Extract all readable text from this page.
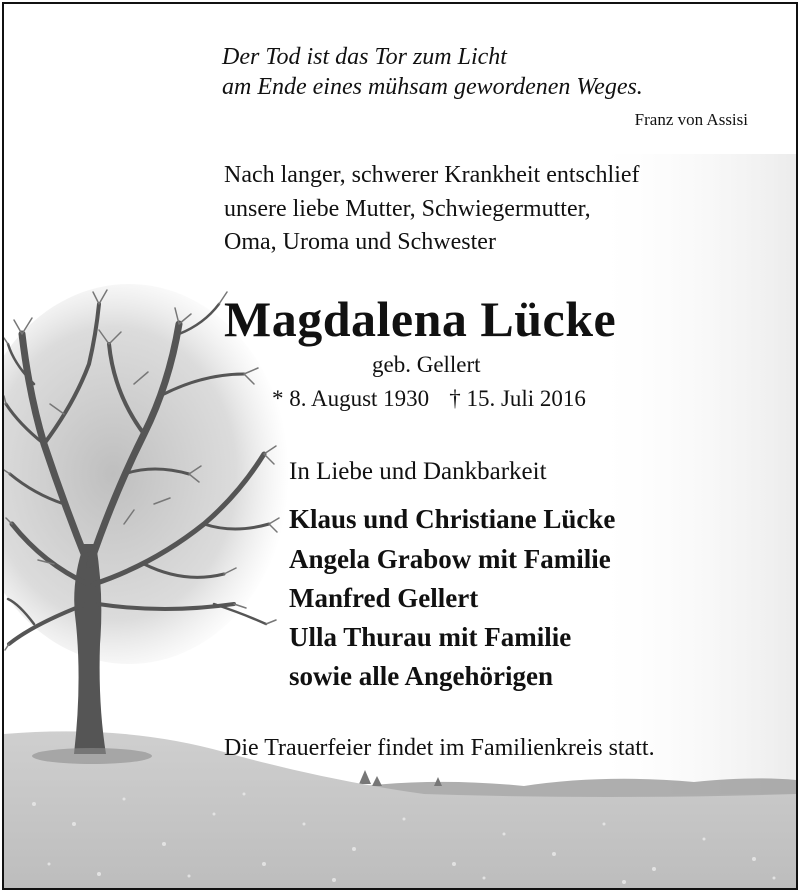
Der Tod ist das Tor zum Licht
am Ende eines mühsam gewordenen Weges.
Franz von Assisi
Nach langer, schwerer Krankheit entschlief
unsere liebe Mutter, Schwiegermutter,
Oma, Uroma und Schwester
Magdalena Lücke
geb. Gellert
* 8. August 1930 † 15. Juli 2016
In Liebe und Dankbarkeit
Klaus und Christiane Lücke
Angela Grabow mit Familie
Manfred Gellert
Ulla Thurau mit Familie
sowie alle Angehörigen
Die Trauerfeier findet im Familienkreis statt.
